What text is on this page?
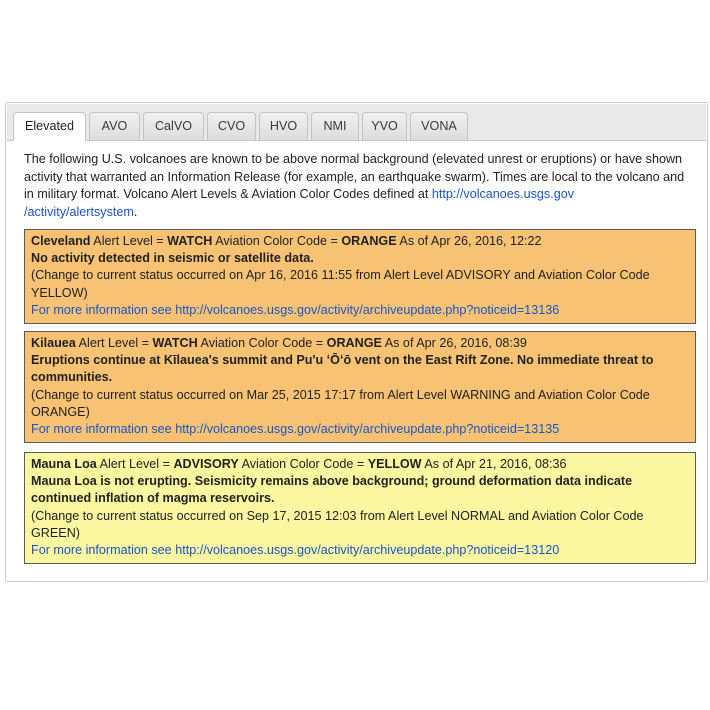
Elevated	AVO	CalVO	CVO	HVO	NMI	YVO	VONA
The following U.S. volcanoes are known to be above normal background (elevated unrest or eruptions) or have shown activity that warranted an Information Release (for example, an earthquake swarm). Times are local to the volcano and in military format. Volcano Alert Levels & Aviation Color Codes defined at http://volcanoes.usgs.gov
/activity/alertsystem.
Cleveland Alert Level = WATCH Aviation Color Code = ORANGE As of Apr 26, 2016, 12:22
No activity detected in seismic or satellite data.
(Change to current status occurred on Apr 16, 2016 11:55 from Alert Level ADVISORY and Aviation Color Code YELLOW)
For more information see http://volcanoes.usgs.gov/activity/archiveupdate.php?noticeid=13136
Kilauea Alert Level = WATCH Aviation Color Code = ORANGE As of Apr 26, 2016, 08:39
Eruptions continue at Kīlauea's summit and Pu'u ʻŌʻō vent on the East Rift Zone. No immediate threat to communities.
(Change to current status occurred on Mar 25, 2015 17:17 from Alert Level WARNING and Aviation Color Code ORANGE)
For more information see http://volcanoes.usgs.gov/activity/archiveupdate.php?noticeid=13135
Mauna Loa Alert Level = ADVISORY Aviation Color Code = YELLOW As of Apr 21, 2016, 08:36
Mauna Loa is not erupting. Seismicity remains above background; ground deformation data indicate continued inflation of magma reservoirs.
(Change to current status occurred on Sep 17, 2015 12:03 from Alert Level NORMAL and Aviation Color Code GREEN)
For more information see http://volcanoes.usgs.gov/activity/archiveupdate.php?noticeid=13120
